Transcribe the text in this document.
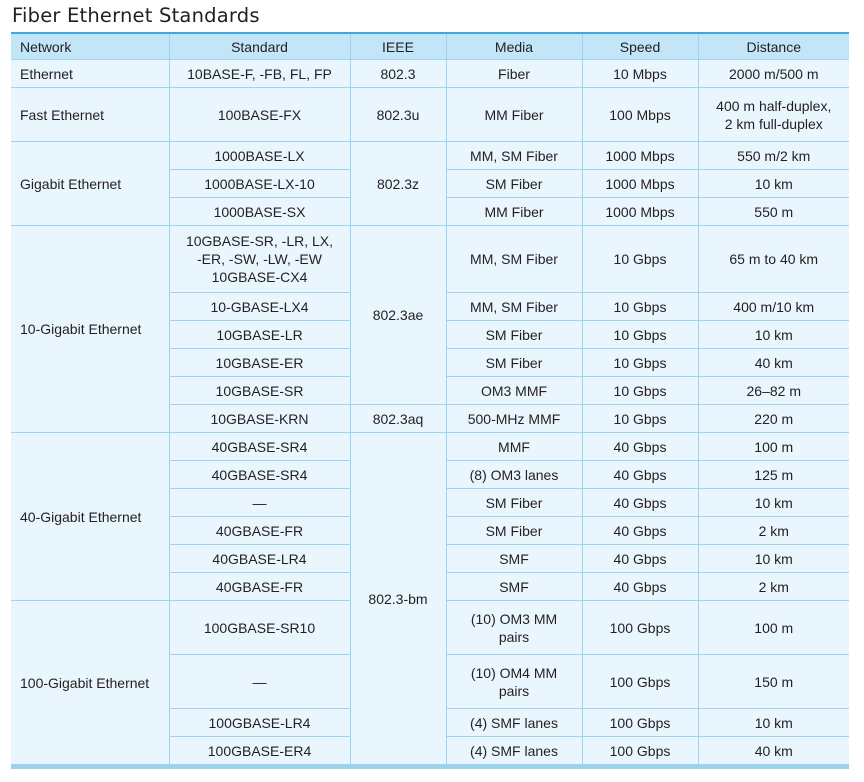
Fiber Ethernet Standards
Network	Standard	IEEE	Media	Speed	Distance
Ethernet	10BASE-F, -FB, FL, FP	802.3	Fiber	10 Mbps	2000 m/500 m
Fast Ethernet	100BASE-FX	802.3u	MM Fiber	100 Mbps	400 m half-duplex,
2 km full-duplex

Gigabit Ethernet	1000BASE-LX	802.3z	MM, SM Fiber	1000 Mbps	550 m/2 km
	1000BASE-LX-10		SM Fiber	1000 Mbps	10 km
	1000BASE-SX		MM Fiber	1000 Mbps	550 m
10-Gigabit Ethernet	10GBASE-SR, -LR, LX,
-ER, -SW, -LW, -EW
10GBASE-CX4	802.3ae	MM, SM Fiber	10 Gbps	65 m to 40 km
	10-GBASE-LX4		MM, SM Fiber	10 Gbps	400 m/10 km
	10GBASE-LR		SM Fiber	10 Gbps	10 km
	10GBASE-ER		SM Fiber	10 Gbps	40 km
	10GBASE-SR		OM3 MMF	10 Gbps	26–82 m
	10GBASE-KRN	802.3aq	500-MHz MMF	10 Gbps	220 m
40-Gigabit Ethernet	40GBASE-SR4	802.3-bm	MMF	40 Gbps	100 m
	40GBASE-SR4		(8) OM3 lanes	40 Gbps	125 m
	—		SM Fiber	40 Gbps	10 km
	40GBASE-FR		SM Fiber	40 Gbps	2 km
	40GBASE-LR4		SMF	40 Gbps	10 km
	40GBASE-FR		SMF	40 Gbps	2 km
100-Gigabit Ethernet	100GBASE-SR10		(10) OM3 MM
pairs	100 Gbps	100 m
	—		(10) OM4 MM
pairs	100 Gbps	150 m
	100GBASE-LR4		(4) SMF lanes	100 Gbps	10 km
	100GBASE-ER4		(4) SMF lanes	100 Gbps	40 km
